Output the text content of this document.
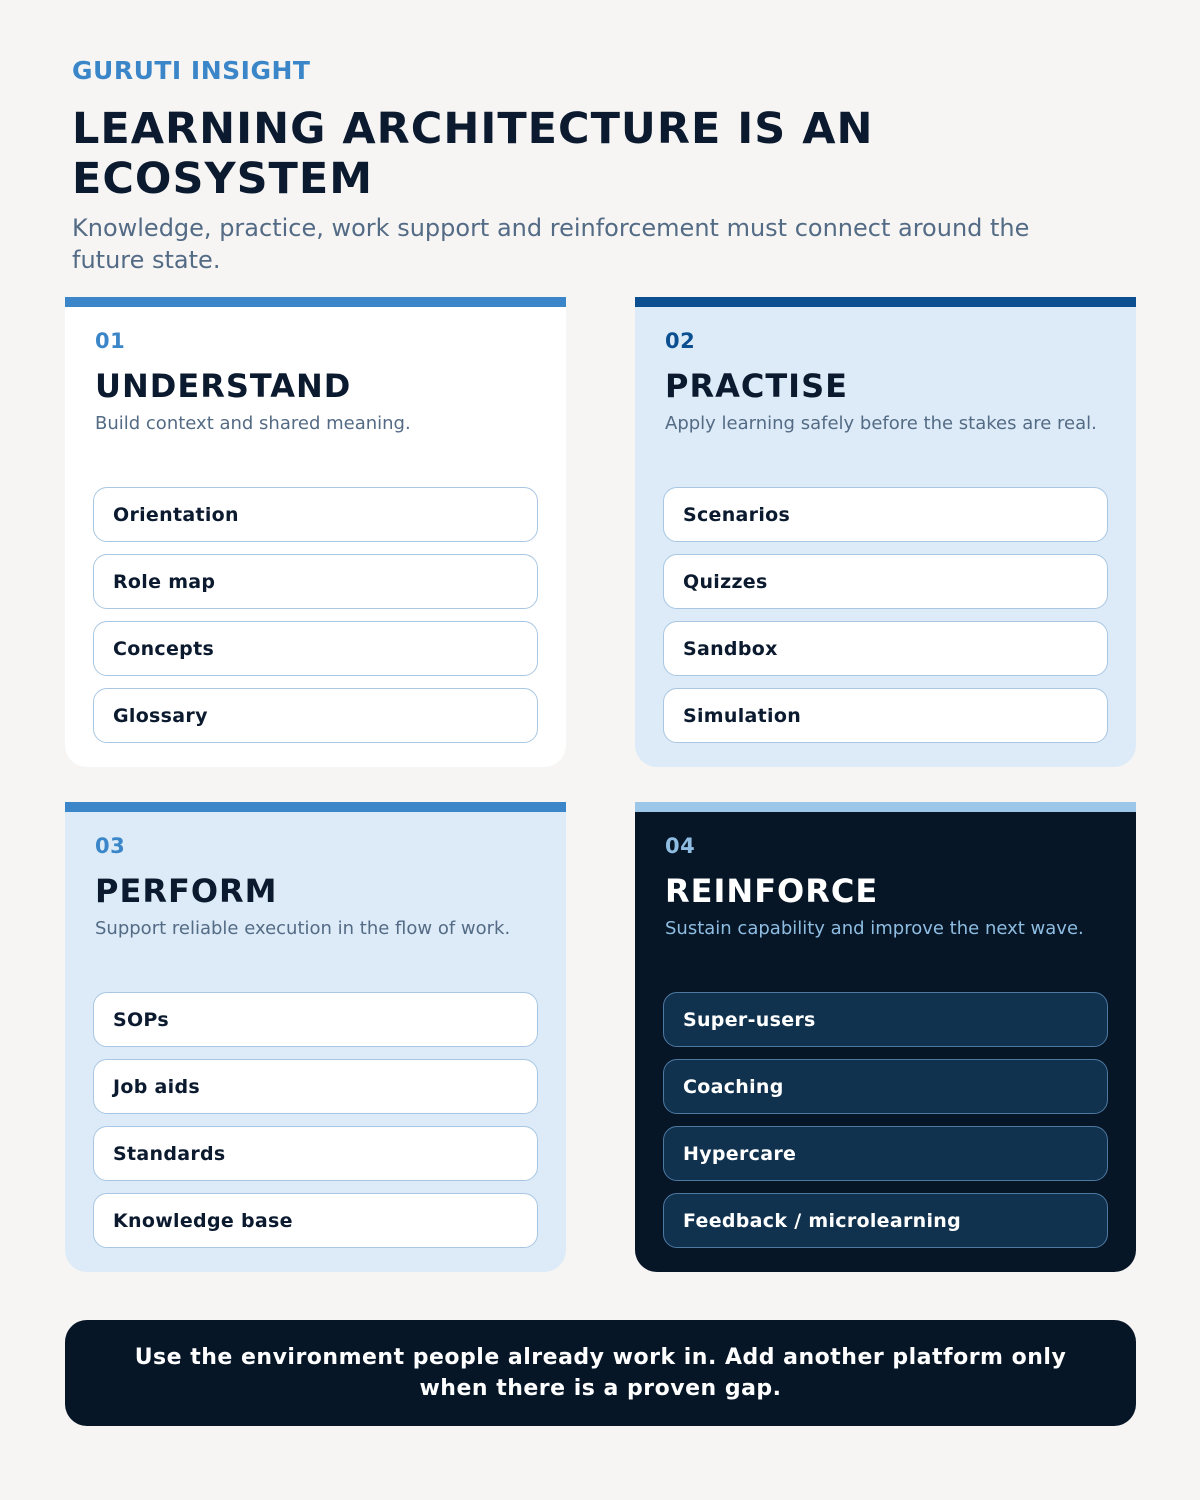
GURUTI INSIGHT
LEARNING ARCHITECTURE IS AN ECOSYSTEM
Knowledge, practice, work support and reinforcement must connect around the future state.
01
UNDERSTAND
Build context and shared meaning.
Orientation
Role map
Concepts
Glossary
02
PRACTISE
Apply learning safely before the stakes are real.
Scenarios
Quizzes
Sandbox
Simulation
03
PERFORM
Support reliable execution in the flow of work.
SOPs
Job aids
Standards
Knowledge base
04
REINFORCE
Sustain capability and improve the next wave.
Super-users
Coaching
Hypercare
Feedback / microlearning
Use the environment people already work in. Add another platform only when there is a proven gap.
